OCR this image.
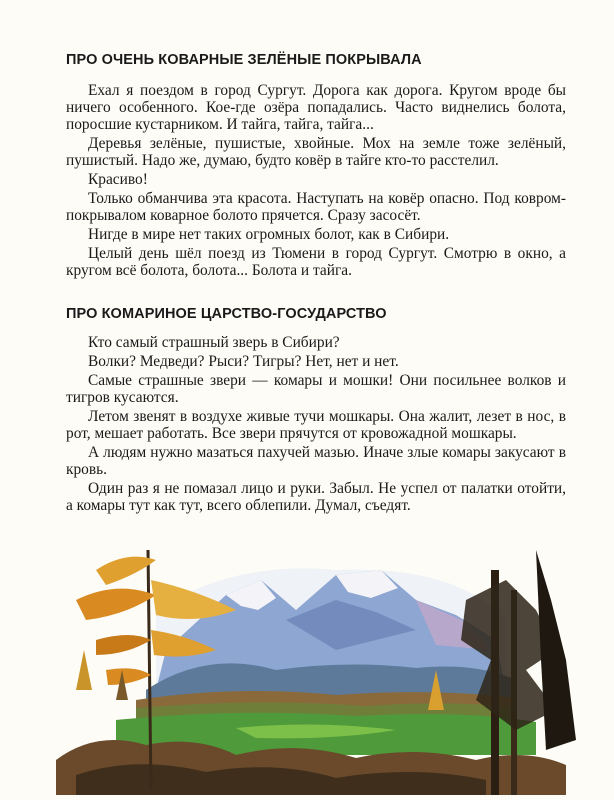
ПРО ОЧЕНЬ КОВАРНЫЕ ЗЕЛЁНЫЕ ПОКРЫВАЛА

Ехал я поездом в город Сургут. Дорога как дорога. Кругом вроде бы ничего особенного. Кое-где озёра попадались. Часто виднелись болота, поросшие кустарником. И тайга, тайга, тайга...

Деревья зелёные, пушистые, хвойные. Мох на земле тоже зелёный, пушистый. Надо же, думаю, будто ковёр в тайге кто-то расстелил.

Красиво!

Только обманчива эта красота. Наступать на ковёр опасно. Под ковром-покрывалом коварное болото прячется. Сразу засосёт.

Нигде в мире нет таких огромных болот, как в Сибири.

Целый день шёл поезд из Тюмени в город Сургут. Смотрю в окно, а кругом всё болота, болота... Болота и тайга.

ПРО КОМАРИНОЕ ЦАРСТВО-ГОСУДАРСТВО

Кто самый страшный зверь в Сибири?

Волки? Медведи? Рыси? Тигры? Нет, нет и нет.

Самые страшные звери — комары и мошки! Они посильнее волков и тигров кусаются.

Летом звенят в воздухе живые тучи мошкары. Она жалит, лезет в нос, в рот, мешает работать. Все звери прячутся от кровожадной мошкары.

А людям нужно мазаться пахучей мазью. Иначе злые комары закусают в кровь.

Один раз я не помазал лицо и руки. Забыл. Не успел от палатки отойти, а комары тут как тут, всего облепили. Думал, съедят.
